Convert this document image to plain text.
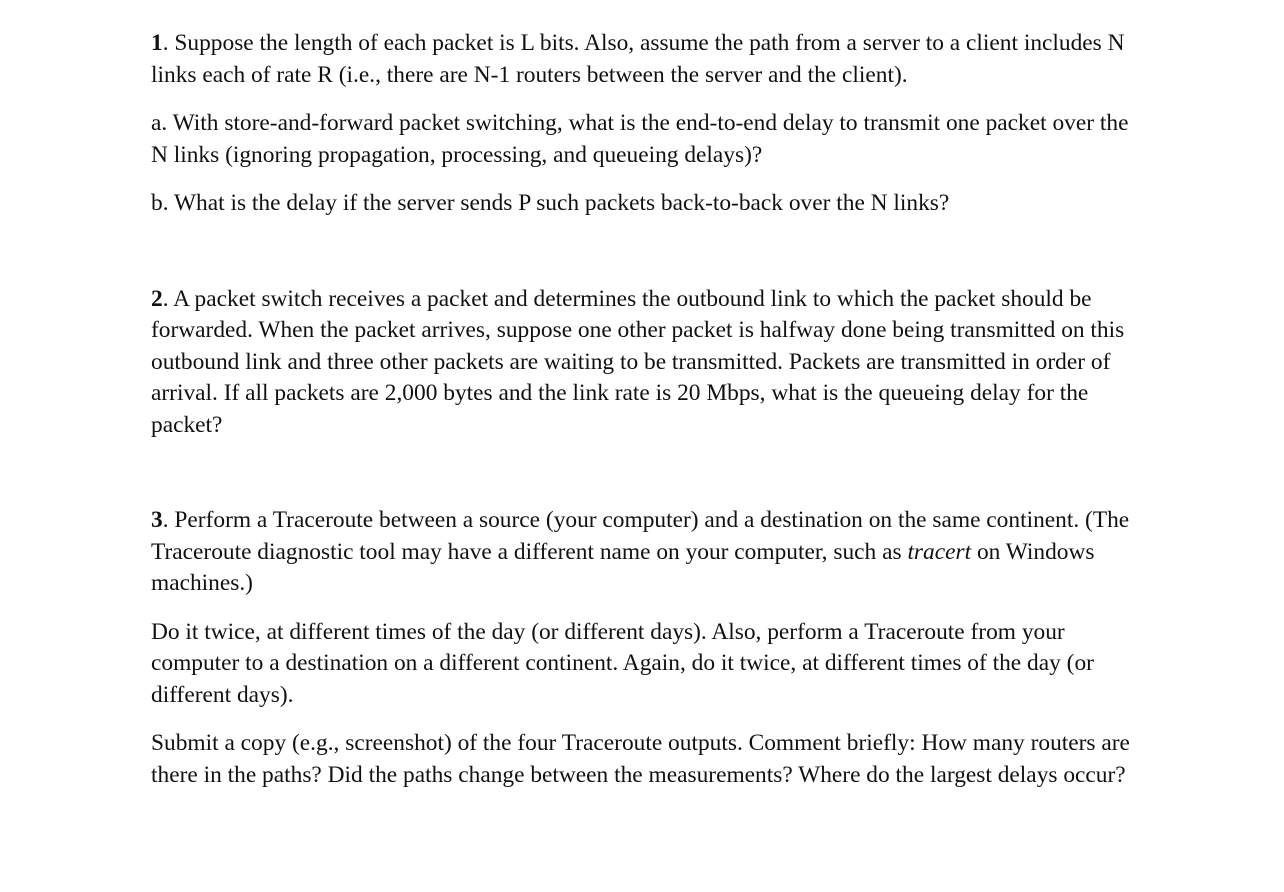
1. Suppose the length of each packet is L bits. Also, assume the path from a server to a client includes N links each of rate R (i.e., there are N-1 routers between the server and the client).

a. With store-and-forward packet switching, what is the end-to-end delay to transmit one packet over the N links (ignoring propagation, processing, and queueing delays)?

b. What is the delay if the server sends P such packets back-to-back over the N links?

2. A packet switch receives a packet and determines the outbound link to which the packet should be forwarded. When the packet arrives, suppose one other packet is halfway done being transmitted on this outbound link and three other packets are waiting to be transmitted. Packets are transmitted in order of arrival. If all packets are 2,000 bytes and the link rate is 20 Mbps, what is the queueing delay for the packet?

3. Perform a Traceroute between a source (your computer) and a destination on the same continent. (The Traceroute diagnostic tool may have a different name on your computer, such as tracert on Windows machines.)

Do it twice, at different times of the day (or different days). Also, perform a Traceroute from your computer to a destination on a different continent. Again, do it twice, at different times of the day (or different days).

Submit a copy (e.g., screenshot) of the four Traceroute outputs. Comment briefly: How many routers are there in the paths? Did the paths change between the measurements? Where do the largest delays occur?
